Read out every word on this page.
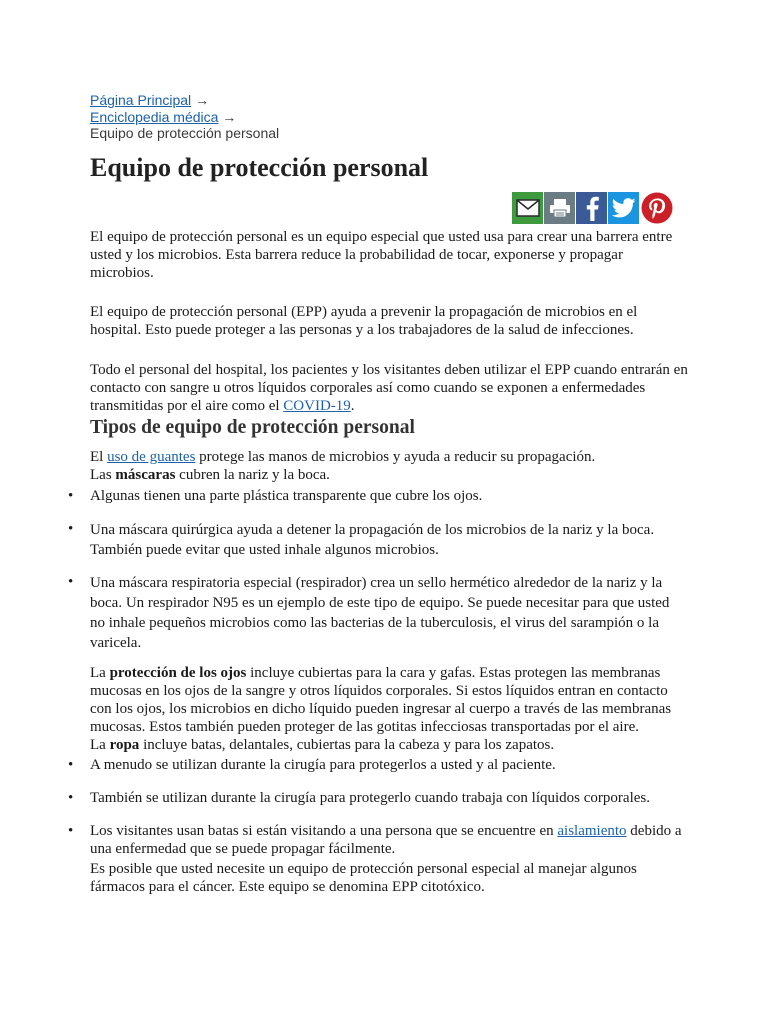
Página Principal →
Enciclopedia médica →
Equipo de protección personal
Equipo de protección personal

El equipo de protección personal es un equipo especial que usted usa para crear una barrera entre usted y los microbios. Esta barrera reduce la probabilidad de tocar, exponerse y propagar microbios.

El equipo de protección personal (EPP) ayuda a prevenir la propagación de microbios en el hospital. Esto puede proteger a las personas y a los trabajadores de la salud de infecciones.

Todo el personal del hospital, los pacientes y los visitantes deben utilizar el EPP cuando entrarán en contacto con sangre u otros líquidos corporales así como cuando se exponen a enfermedades transmitidas por el aire como el COVID-19.

Tipos de equipo de protección personal

El uso de guantes protege las manos de microbios y ayuda a reducir su propagación.

Las máscaras cubren la nariz y la boca.

• Algunas tienen una parte plástica transparente que cubre los ojos.
• Una máscara quirúrgica ayuda a detener la propagación de los microbios de la nariz y la boca. También puede evitar que usted inhale algunos microbios.
• Una máscara respiratoria especial (respirador) crea un sello hermético alrededor de la nariz y la boca. Un respirador N95 es un ejemplo de este tipo de equipo. Se puede necesitar para que usted no inhale pequeños microbios como las bacterias de la tuberculosis, el virus del sarampión o la varicela.

La protección de los ojos incluye cubiertas para la cara y gafas. Estas protegen las membranas mucosas en los ojos de la sangre y otros líquidos corporales. Si estos líquidos entran en contacto con los ojos, los microbios en dicho líquido pueden ingresar al cuerpo a través de las membranas mucosas. Estos también pueden proteger de las gotitas infecciosas transportadas por el aire.

La ropa incluye batas, delantales, cubiertas para la cabeza y para los zapatos.

• A menudo se utilizan durante la cirugía para protegerlos a usted y al paciente.
• También se utilizan durante la cirugía para protegerlo cuando trabaja con líquidos corporales.
• Los visitantes usan batas si están visitando a una persona que se encuentre en aislamiento debido a una enfermedad que se puede propagar fácilmente.

Es posible que usted necesite un equipo de protección personal especial al manejar algunos fármacos para el cáncer. Este equipo se denomina EPP citotóxico.
